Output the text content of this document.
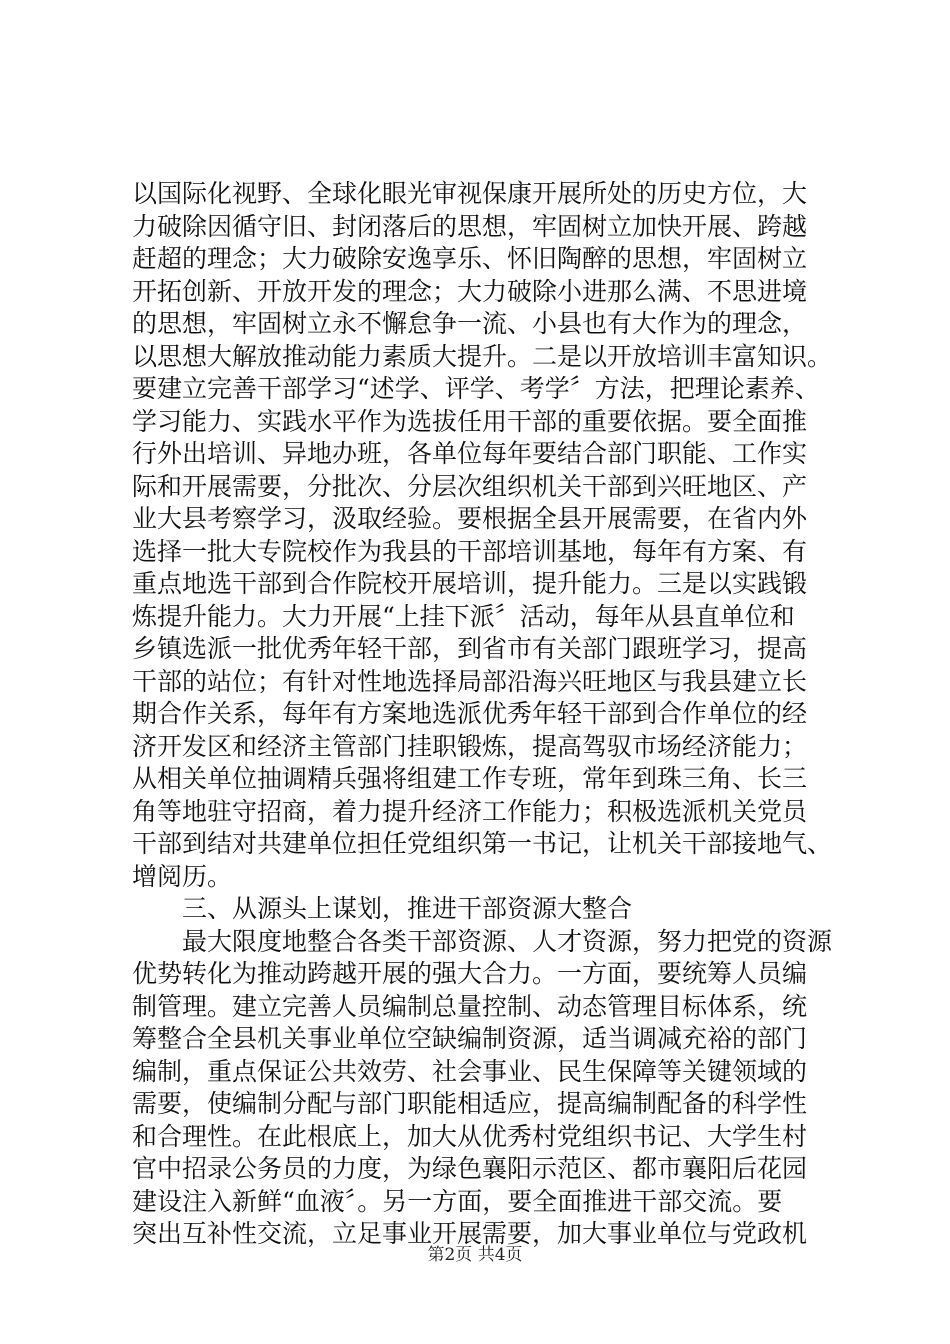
以国际化视野、全球化眼光审视保康开展所处的历史方位，大
力破除因循守旧、封闭落后的思想，牢固树立加快开展、跨越
赶超的理念；大力破除安逸享乐、怀旧陶醉的思想，牢固树立
开拓创新、开放开发的理念；大力破除小进那么满、不思进境
的思想，牢固树立永不懈怠争一流、小县也有大作为的理念，
以思想大解放推动能力素质大提升。二是以开放培训丰富知识。
要建立完善干部学习“述学、评学、考学〞方法，把理论素养、
学习能力、实践水平作为选拔任用干部的重要依据。要全面推
行外出培训、异地办班，各单位每年要结合部门职能、工作实
际和开展需要，分批次、分层次组织机关干部到兴旺地区、产
业大县考察学习，汲取经验。要根据全县开展需要，在省内外
选择一批大专院校作为我县的干部培训基地，每年有方案、有
重点地选干部到合作院校开展培训，提升能力。三是以实践锻
炼提升能力。大力开展“上挂下派〞活动，每年从县直单位和
乡镇选派一批优秀年轻干部，到省市有关部门跟班学习，提高
干部的站位；有针对性地选择局部沿海兴旺地区与我县建立长
期合作关系，每年有方案地选派优秀年轻干部到合作单位的经
济开发区和经济主管部门挂职锻炼，提高驾驭市场经济能力；
从相关单位抽调精兵强将组建工作专班，常年到珠三角、长三
角等地驻守招商，着力提升经济工作能力；积极选派机关党员
干部到结对共建单位担任党组织第一书记，让机关干部接地气、
增阅历。
三、从源头上谋划，推进干部资源大整合
最大限度地整合各类干部资源、人才资源，努力把党的资源
优势转化为推动跨越开展的强大合力。一方面，要统筹人员编
制管理。建立完善人员编制总量控制、动态管理目标体系，统
筹整合全县机关事业单位空缺编制资源，适当调减充裕的部门
编制，重点保证公共效劳、社会事业、民生保障等关键领域的
需要，使编制分配与部门职能相适应，提高编制配备的科学性
和合理性。在此根底上，加大从优秀村党组织书记、大学生村
官中招录公务员的力度，为绿色襄阳示范区、都市襄阳后花园
建设注入新鲜“血液〞。另一方面，要全面推进干部交流。要
突出互补性交流，立足事业开展需要，加大事业单位与党政机
第2页 共4页
